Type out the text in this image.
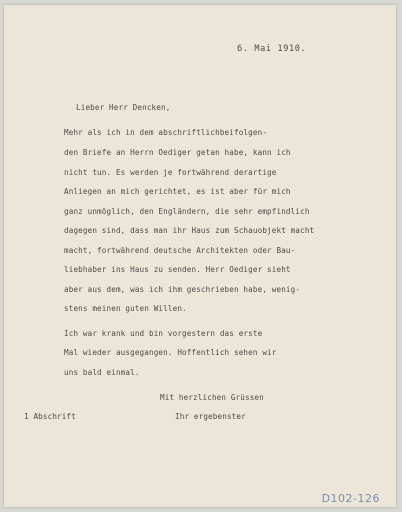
6. Mai 1910.
Lieber Herr Dencken,
Mehr als ich in dem abschriftlichbeifolgen-
den Briefe an Herrn Oediger getan habe, kann ich
nicht tun. Es werden je fortwährend derartige
Anliegen an mich gerichtet, es ist aber für mich
ganz unmöglich, den Engländern, die sehr empfindlich
dagegen sind, dass man ihr Haus zum Schauobjekt macht
macht, fortwährend deutsche Architekten oder Bau-
liebhaber ins Haus zu senden. Herr Oediger sieht
aber aus dem, was ich ihm geschrieben habe, wenig-
stens meinen guten Willen.
Ich war krank und bin vorgestern das erste
Mal wieder ausgegangen. Hoffentlich sehen wir
uns bald einmal.
Mit herzlichen Grüssen
1 Abschrift	Ihr ergebenster
D102-126
